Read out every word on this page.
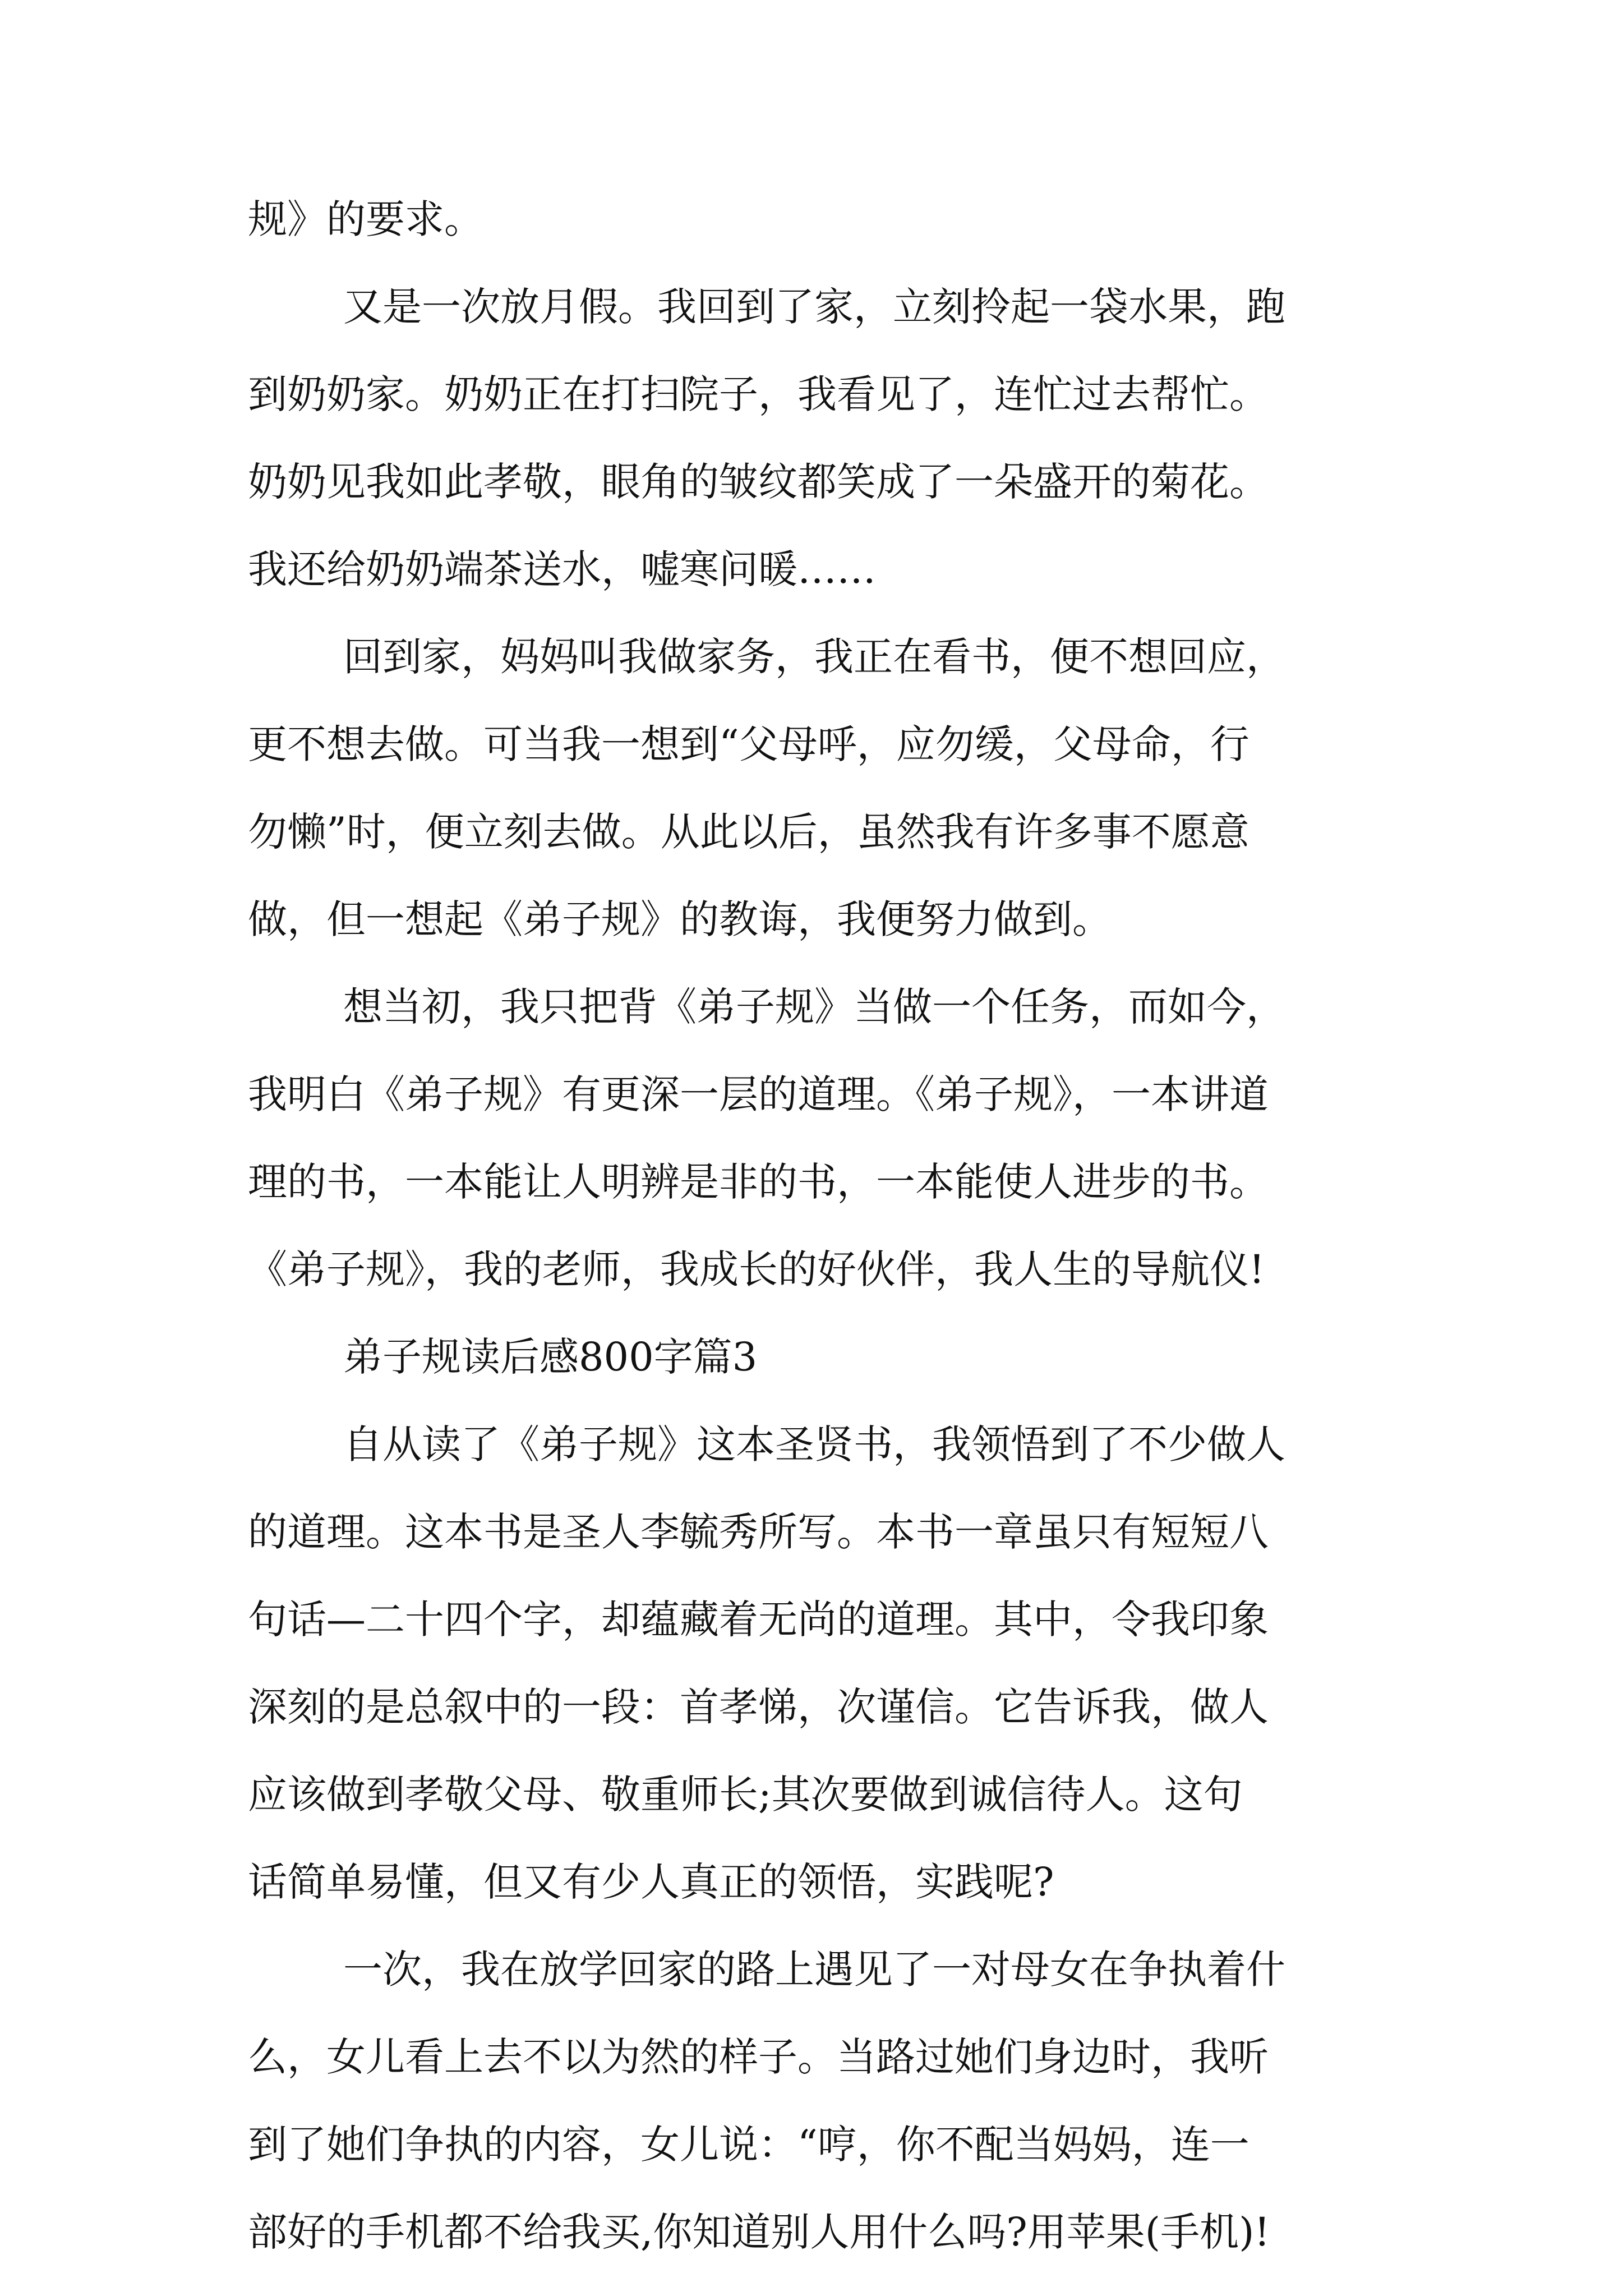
规》的要求。

又是一次放月假。我回到了家，立刻拎起一袋水果，跑

到奶奶家。奶奶正在打扫院子，我看见了，连忙过去帮忙。

奶奶见我如此孝敬，眼角的皱纹都笑成了一朵盛开的菊花。

我还给奶奶端茶送水，嘘寒问暖……

回到家，妈妈叫我做家务，我正在看书，便不想回应，

更不想去做。可当我一想到“父母呼，应勿缓，父母命，行

勿懒”时，便立刻去做。从此以后，虽然我有许多事不愿意

做，但一想起《弟子规》的教诲，我便努力做到。

想当初，我只把背《弟子规》当做一个任务，而如今，

我明白《弟子规》有更深一层的道理。《弟子规》，一本讲道

理的书，一本能让人明辨是非的书，一本能使人进步的书。

《弟子规》，我的老师，我成长的好伙伴，我人生的导航仪!

弟子规读后感800字篇3

自从读了《弟子规》这本圣贤书，我领悟到了不少做人

的道理。这本书是圣人李毓秀所写。本书一章虽只有短短八

句话—二十四个字，却蕴藏着无尚的道理。其中，令我印象

深刻的是总叙中的一段：首孝悌，次谨信。它告诉我，做人

应该做到孝敬父母、敬重师长;其次要做到诚信待人。这句

话简单易懂，但又有少人真正的领悟，实践呢?

一次，我在放学回家的路上遇见了一对母女在争执着什

么，女儿看上去不以为然的样子。当路过她们身边时，我听

到了她们争执的内容，女儿说：“哼，你不配当妈妈，连一

部好的手机都不给我买,你知道别人用什么吗?用苹果(手机)!
